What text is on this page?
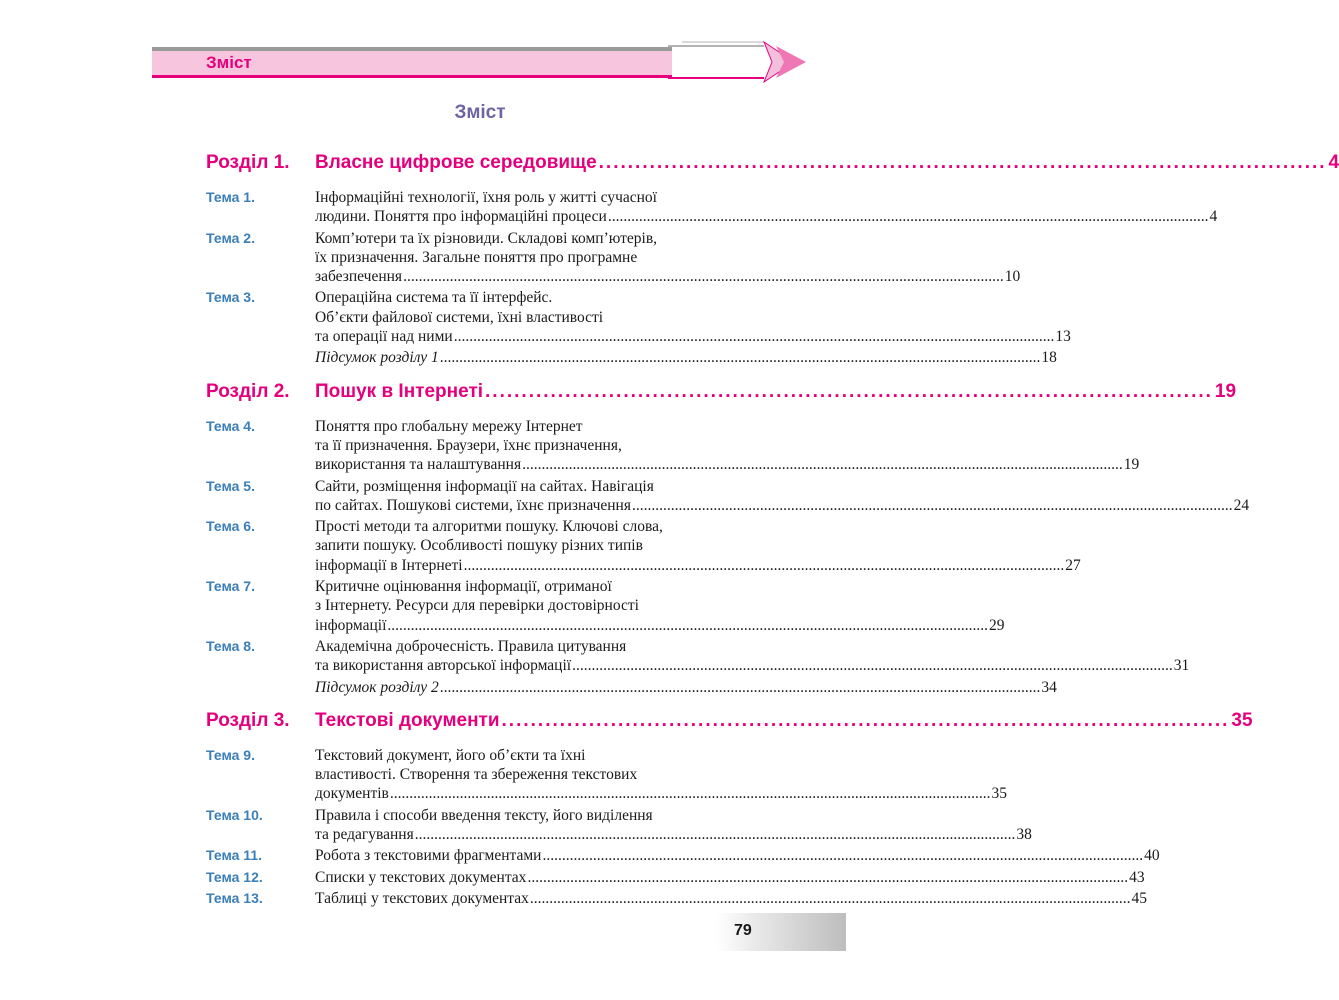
Зміст
Зміст
Розділ 1.	Власне цифрове середовище .....	4
Тема 1.	Інформаційні технології, їхня роль у житті сучасної
людини. Поняття про інформаційні процеси .....	4
Тема 2.	Комп’ютери та їх різновиди. Складові комп’ютерів,
їх призначення. Загальне поняття про програмне
забезпечення .....	10
Тема 3.	Операційна система та її інтерфейс.
Об’єкти файлової системи, їхні властивості
та операції над ними .....	13
Підсумок розділу 1 .....	18
Розділ 2.	Пошук в Інтернеті .....	19
Тема 4.	Поняття про глобальну мережу Інтернет
та її призначення. Браузери, їхнє призначення,
використання та налаштування .....	19
Тема 5.	Сайти, розміщення інформації на сайтах. Навігація
по сайтах. Пошукові системи, їхнє призначення .....	24
Тема 6.	Прості методи та алгоритми пошуку. Ключові слова,
запити пошуку. Особливості пошуку різних типів
інформації в Інтернеті .....	27
Тема 7.	Критичне оцінювання інформації, отриманої
з Інтернету. Ресурси для перевірки достовірності
інформації .....	29
Тема 8.	Академічна доброчесність. Правила цитування
та використання авторської інформації .....	31
Підсумок розділу 2 .....	34
Розділ 3.	Текстові документи .....	35
Тема 9.	Текстовий документ, його об’єкти та їхні
властивості. Створення та збереження текстових
документів .....	35
Тема 10.	Правила і способи введення тексту, його виділення
та редагування .....	38
Тема 11.	Робота з текстовими фрагментами .....	40
Тема 12.	Списки у текстових документах .....	43
Тема 13.	Таблиці у текстових документах .....	45
79
